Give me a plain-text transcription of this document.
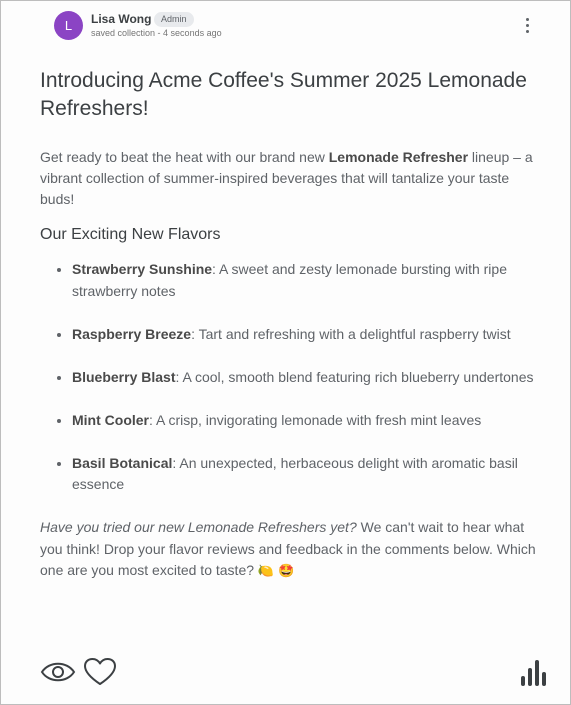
L	Lisa Wong	Admin
saved collection - 4 seconds ago
Introducing Acme Coffee's Summer 2025 Lemonade Refreshers!

Get ready to beat the heat with our brand new Lemonade Refresher lineup – a vibrant collection of summer-inspired beverages that will tantalize your taste buds!

Our Exciting New Flavors
• Strawberry Sunshine: A sweet and zesty lemonade bursting with ripe strawberry notes
• Raspberry Breeze: Tart and refreshing with a delightful raspberry twist
• Blueberry Blast: A cool, smooth blend featuring rich blueberry undertones
• Mint Cooler: A crisp, invigorating lemonade with fresh mint leaves
• Basil Botanical: An unexpected, herbaceous delight with aromatic basil essence

Have you tried our new Lemonade Refreshers yet? We can't wait to hear what you think! Drop your flavor reviews and feedback in the comments below. Which one are you most excited to taste? 🍋 🤩
